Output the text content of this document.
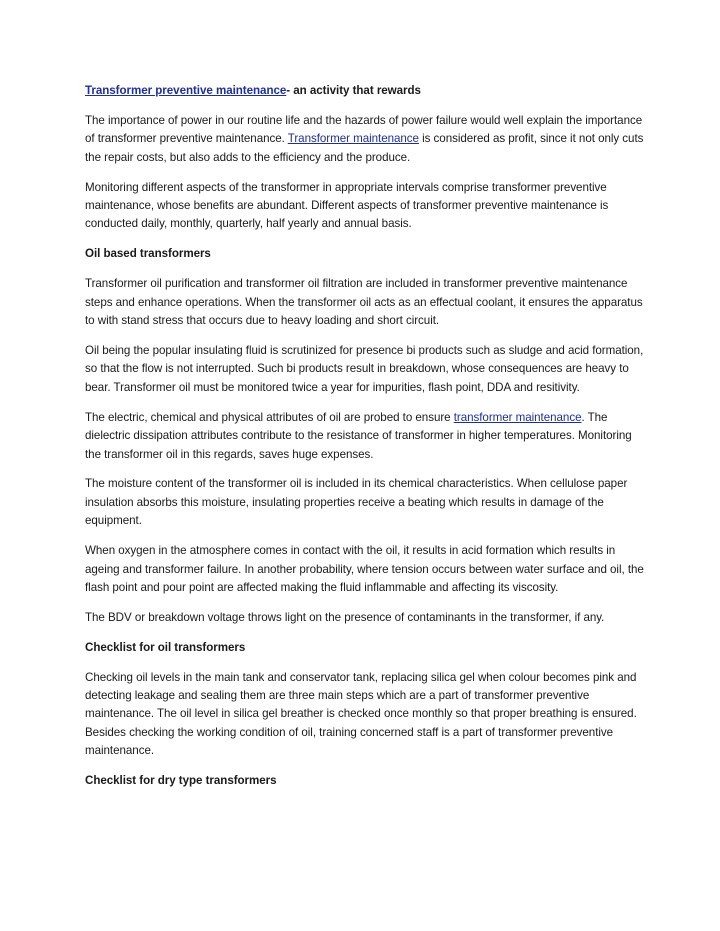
Transformer preventive maintenance- an activity that rewards

The importance of power in our routine life and the hazards of power failure would well explain the importance of transformer preventive maintenance. Transformer maintenance is considered as profit, since it not only cuts the repair costs, but also adds to the efficiency and the produce.

Monitoring different aspects of the transformer in appropriate intervals comprise transformer preventive maintenance, whose benefits are abundant. Different aspects of transformer preventive maintenance is conducted daily, monthly, quarterly, half yearly and annual basis.

Oil based transformers

Transformer oil purification and transformer oil filtration are included in transformer preventive maintenance steps and enhance operations. When the transformer oil acts as an effectual coolant, it ensures the apparatus to with stand stress that occurs due to heavy loading and short circuit.

Oil being the popular insulating fluid is scrutinized for presence bi products such as sludge and acid formation, so that the flow is not interrupted. Such bi products result in breakdown, whose consequences are heavy to bear. Transformer oil must be monitored twice a year for impurities, flash point, DDA and resitivity.

The electric, chemical and physical attributes of oil are probed to ensure transformer maintenance. The dielectric dissipation attributes contribute to the resistance of transformer in higher temperatures. Monitoring the transformer oil in this regards, saves huge expenses.

The moisture content of the transformer oil is included in its chemical characteristics. When cellulose paper insulation absorbs this moisture, insulating properties receive a beating which results in damage of the equipment.

When oxygen in the atmosphere comes in contact with the oil, it results in acid formation which results in ageing and transformer failure. In another probability, where tension occurs between water surface and oil, the flash point and pour point are affected making the fluid inflammable and affecting its viscosity.

The BDV or breakdown voltage throws light on the presence of contaminants in the transformer, if any.

Checklist for oil transformers

Checking oil levels in the main tank and conservator tank, replacing silica gel when colour becomes pink and detecting leakage and sealing them are three main steps which are a part of transformer preventive maintenance. The oil level in silica gel breather is checked once monthly so that proper breathing is ensured. Besides checking the working condition of oil, training concerned staff is a part of transformer preventive maintenance.

Checklist for dry type transformers
